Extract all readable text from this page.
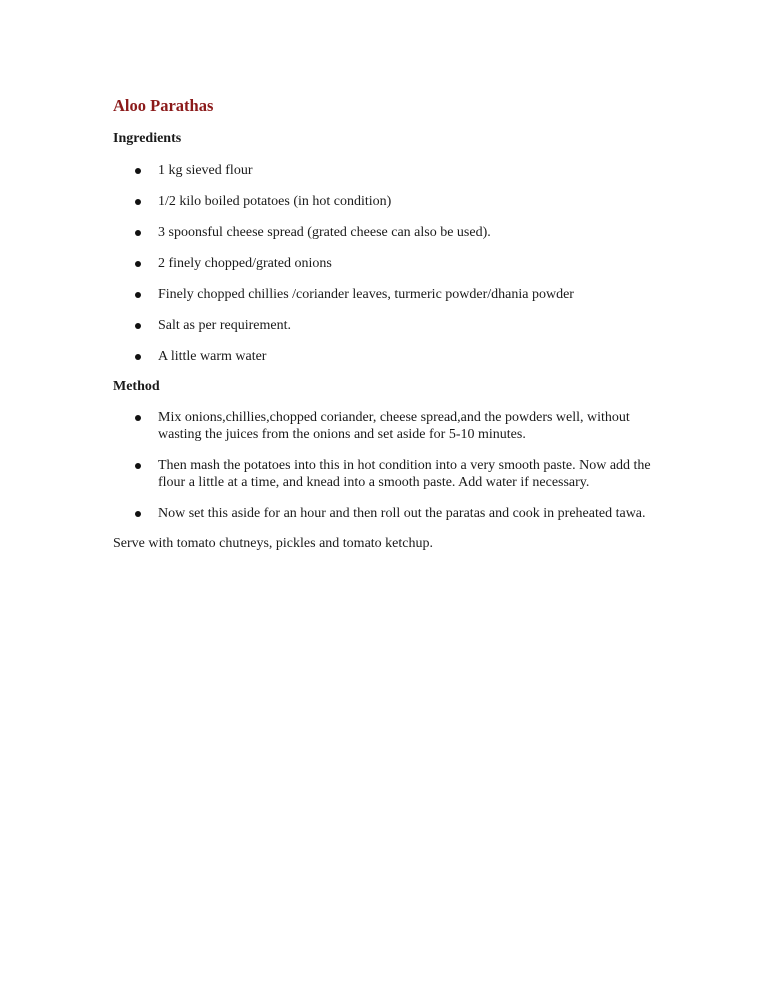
Aloo Parathas
Ingredients
1 kg sieved flour
1/2 kilo boiled potatoes (in hot condition)
3 spoonsful cheese spread (grated cheese can also be used).
2 finely chopped/grated onions
Finely chopped chillies /coriander leaves, turmeric powder/dhania powder
Salt as per requirement.
A little warm water
Method
Mix onions,chillies,chopped coriander, cheese spread,and the powders well, without wasting the juices from the onions and set aside for 5-10 minutes.
Then mash the potatoes into this in hot condition into a very smooth paste. Now add the flour a little at a time, and knead into a smooth paste. Add water if necessary.
Now set this aside for an hour and then roll out the paratas and cook in preheated tawa.

Serve with tomato chutneys, pickles and tomato ketchup.
